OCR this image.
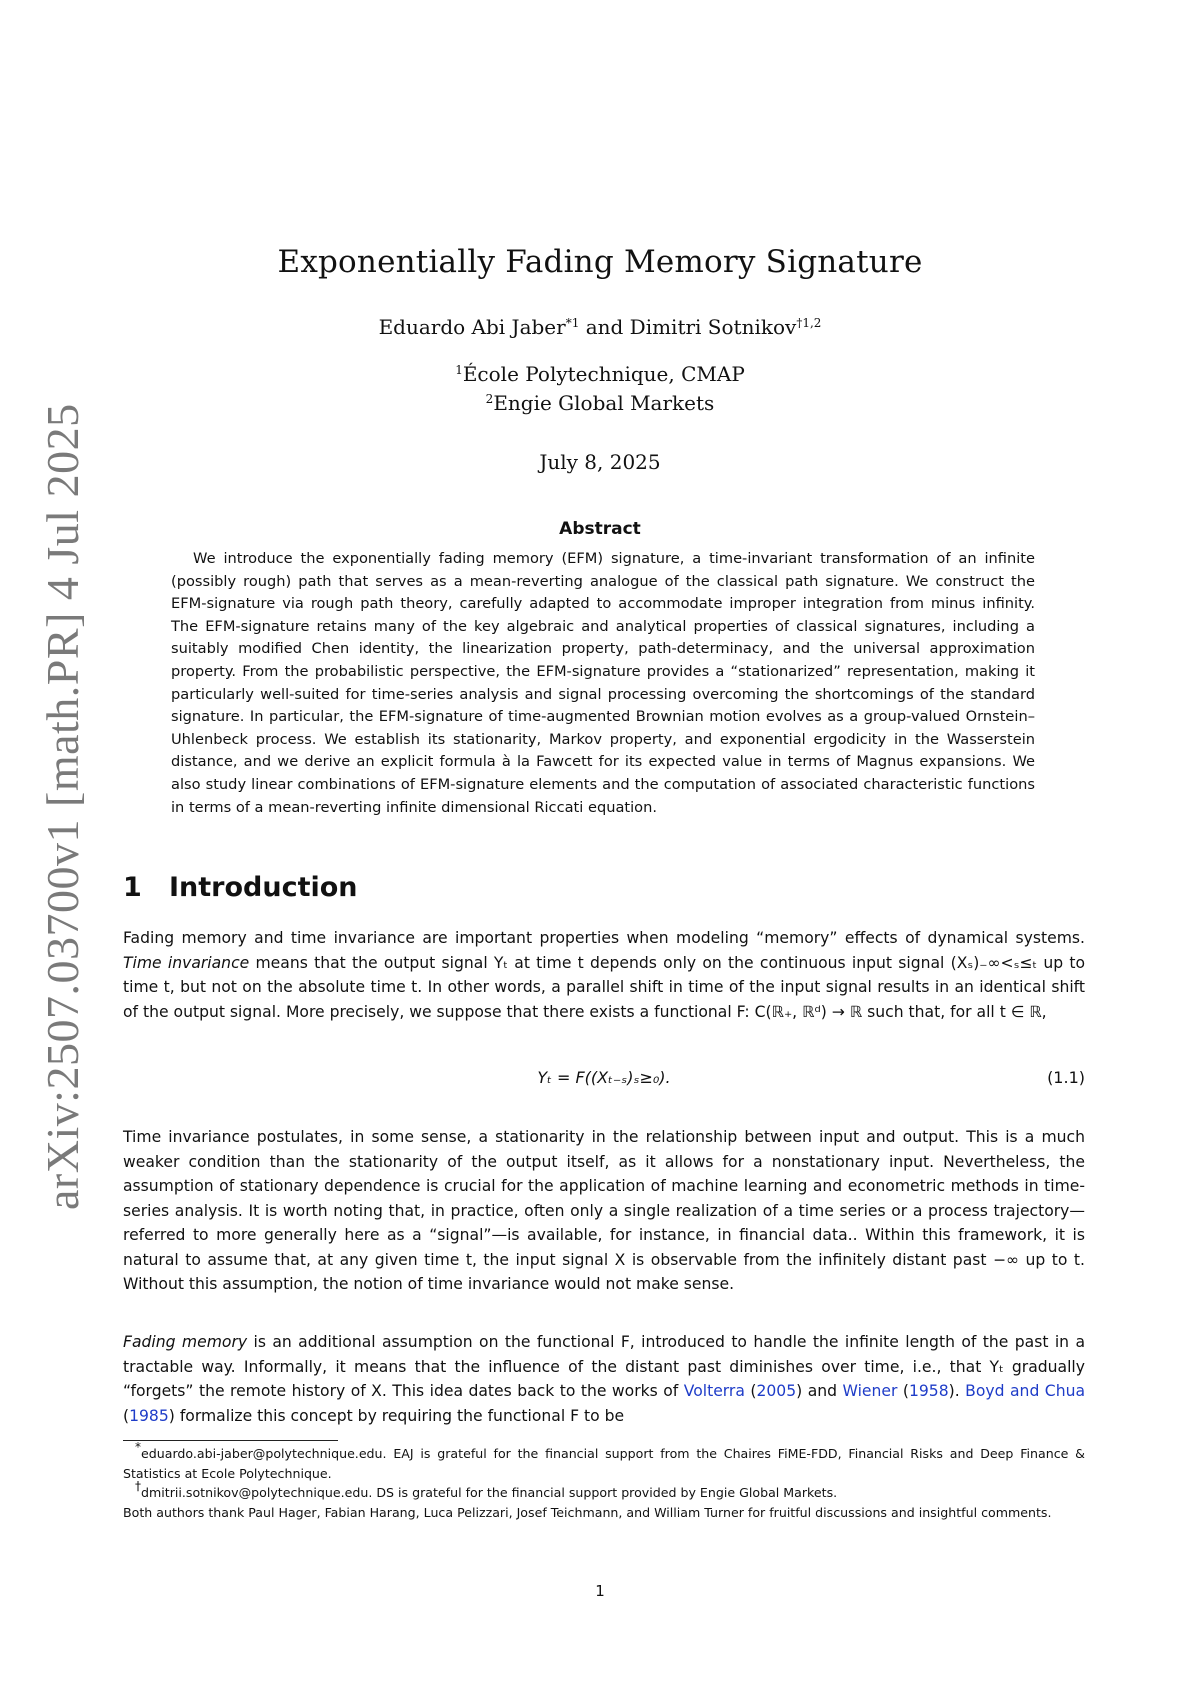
arXiv:2507.03700v1 [math.PR] 4 Jul 2025
Exponentially Fading Memory Signature
Eduardo Abi Jaber$^{*1}$ and Dimitri Sotnikov$^{\dagger 1,2}$
$^1$École Polytechnique, CMAP
$^2$Engie Global Markets
July 8, 2025
Abstract
We introduce the exponentially fading memory (EFM) signature, a time-invariant transformation of an infinite (possibly rough) path that serves as a mean-reverting analogue of the classical path signature. We construct the EFM-signature via rough path theory, carefully adapted to accommodate improper integration from minus infinity. The EFM-signature retains many of the key algebraic and analytical properties of classical signatures, including a suitably modified Chen identity, the linearization property, path-determinacy, and the universal approximation property. From the probabilistic perspective, the EFM-signature provides a “stationarized” representation, making it particularly well-suited for time-series analysis and signal processing overcoming the shortcomings of the standard signature. In particular, the EFM-signature of time-augmented Brownian motion evolves as a group-valued Ornstein–Uhlenbeck process. We establish its stationarity, Markov property, and exponential ergodicity in the Wasserstein distance, and we derive an explicit formula à la Fawcett for its expected value in terms of Magnus expansions. We also study linear combinations of EFM-signature elements and the computation of associated characteristic functions in terms of a mean-reverting infinite dimensional Riccati equation.
1 Introduction
Fading memory and time invariance are important properties when modeling “memory” effects of dynamical systems. Time invariance means that the output signal Yₜ at time t depends only on the continuous input signal (Xₛ)₋∞<ₛ≤ₜ up to time t, but not on the absolute time t. In other words, a parallel shift in time of the input signal results in an identical shift of the output signal. More precisely, we suppose that there exists a functional F: C(ℝ₊, ℝᵈ) → ℝ such that, for all t ∈ ℝ,
Yₜ = F((Xₜ₋ₛ)ₛ≥₀).	(1.1)
Time invariance postulates, in some sense, a stationarity in the relationship between input and output. This is a much weaker condition than the stationarity of the output itself, as it allows for a nonstationary input. Nevertheless, the assumption of stationary dependence is crucial for the application of machine learning and econometric methods in time-series analysis. It is worth noting that, in practice, often only a single realization of a time series or a process trajectory—referred to more generally here as a “signal”—is available, for instance, in financial data.. Within this framework, it is natural to assume that, at any given time t, the input signal X is observable from the infinitely distant past −∞ up to t. Without this assumption, the notion of time invariance would not make sense.
Fading memory is an additional assumption on the functional F, introduced to handle the infinite length of the past in a tractable way. Informally, it means that the influence of the distant past diminishes over time, i.e., that Yₜ gradually “forgets” the remote history of X. This idea dates back to the works of Volterra (2005) and Wiener (1958). Boyd and Chua (1985) formalize this concept by requiring the functional F to be

*eduardo.abi-jaber@polytechnique.edu. EAJ is grateful for the financial support from the Chaires FiME-FDD, Financial Risks and Deep Finance & Statistics at Ecole Polytechnique.

†dmitrii.sotnikov@polytechnique.edu. DS is grateful for the financial support provided by Engie Global Markets.

Both authors thank Paul Hager, Fabian Harang, Luca Pelizzari, Josef Teichmann, and William Turner for fruitful discussions and insightful comments.

1
